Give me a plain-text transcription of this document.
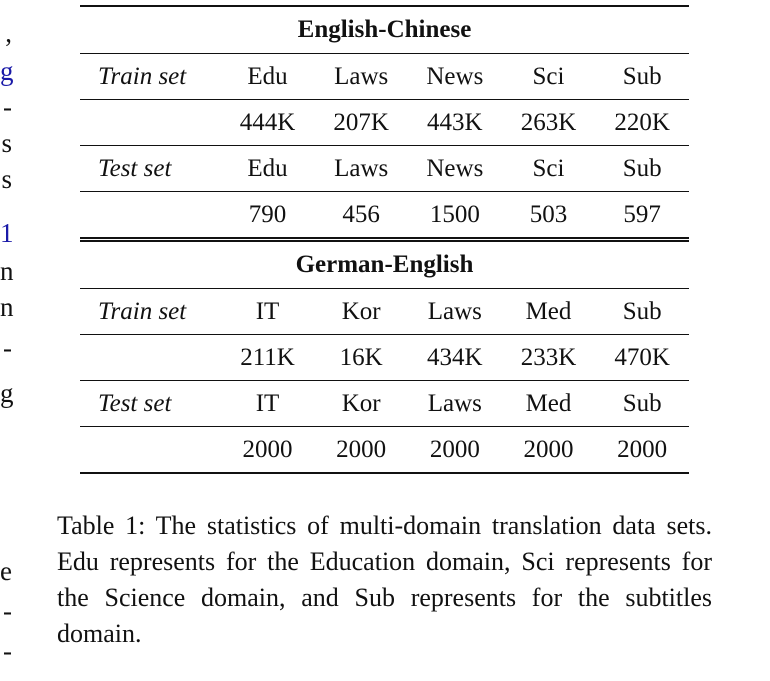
,
g
-
s
s
1
n
n
-
g
e
-
-
English-Chinese					
Train set	Edu	Laws	News	Sci	Sub
	444K	207K	443K	263K	220K
Test set	Edu	Laws	News	Sci	Sub
	790	456	1500	503	597
German-English					
Train set	IT	Kor	Laws	Med	Sub
	211K	16K	434K	233K	470K
Test set	IT	Kor	Laws	Med	Sub
	2000	2000	2000	2000	2000
Table 1: The statistics of multi-domain translation data sets. Edu represents for the Education domain, Sci represents for the Science domain, and Sub represents for the subtitles domain.
